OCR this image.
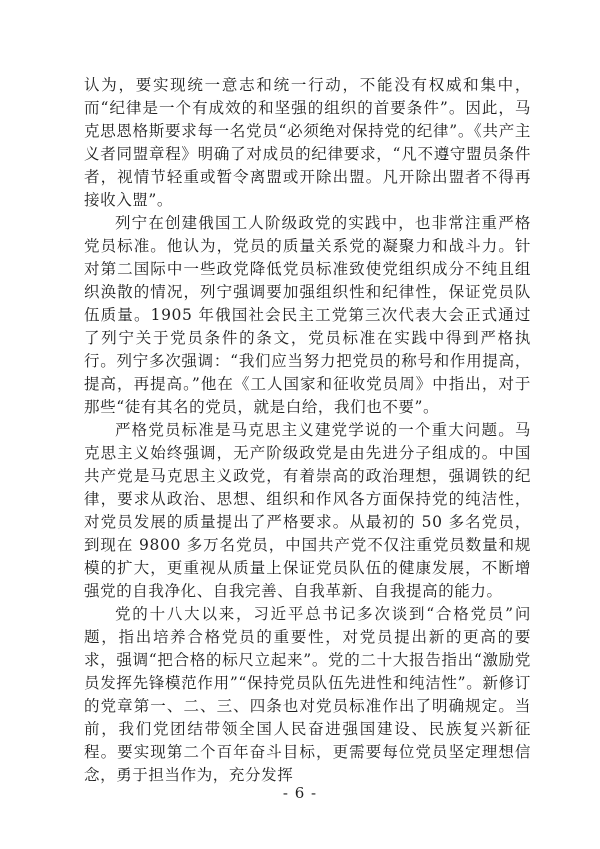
认为，要实现统一意志和统一行动，不能没有权威和集中，而“纪律是一个有成效的和坚强的组织的首要条件”。因此，马克思恩格斯要求每一名党员“必须绝对保持党的纪律”。《共产主义者同盟章程》明确了对成员的纪律要求，“凡不遵守盟员条件者，视情节轻重或暂令离盟或开除出盟。凡开除出盟者不得再接收入盟”。

列宁在创建俄国工人阶级政党的实践中，也非常注重严格党员标准。他认为，党员的质量关系党的凝聚力和战斗力。针对第二国际中一些政党降低党员标准致使党组织成分不纯且组织涣散的情况，列宁强调要加强组织性和纪律性，保证党员队伍质量。1905 年俄国社会民主工党第三次代表大会正式通过了列宁关于党员条件的条文，党员标准在实践中得到严格执行。列宁多次强调：“我们应当努力把党员的称号和作用提高，提高，再提高。”他在《工人国家和征收党员周》中指出，对于那些“徒有其名的党员，就是白给，我们也不要”。

严格党员标准是马克思主义建党学说的一个重大问题。马克思主义始终强调，无产阶级政党是由先进分子组成的。中国共产党是马克思主义政党，有着崇高的政治理想，强调铁的纪律，要求从政治、思想、组织和作风各方面保持党的纯洁性，对党员发展的质量提出了严格要求。从最初的 50 多名党员，到现在 9800 多万名党员，中国共产党不仅注重党员数量和规模的扩大，更重视从质量上保证党员队伍的健康发展，不断增强党的自我净化、自我完善、自我革新、自我提高的能力。

党的十八大以来，习近平总书记多次谈到“合格党员”问题，指出培养合格党员的重要性，对党员提出新的更高的要求，强调“把合格的标尺立起来”。党的二十大报告指出“激励党员发挥先锋模范作用”“保持党员队伍先进性和纯洁性”。新修订的党章第一、二、三、四条也对党员标准作出了明确规定。当前，我们党团结带领全国人民奋进强国建设、民族复兴新征程。要实现第二个百年奋斗目标，更需要每位党员坚定理想信念，勇于担当作为，充分发挥

- 6 -
